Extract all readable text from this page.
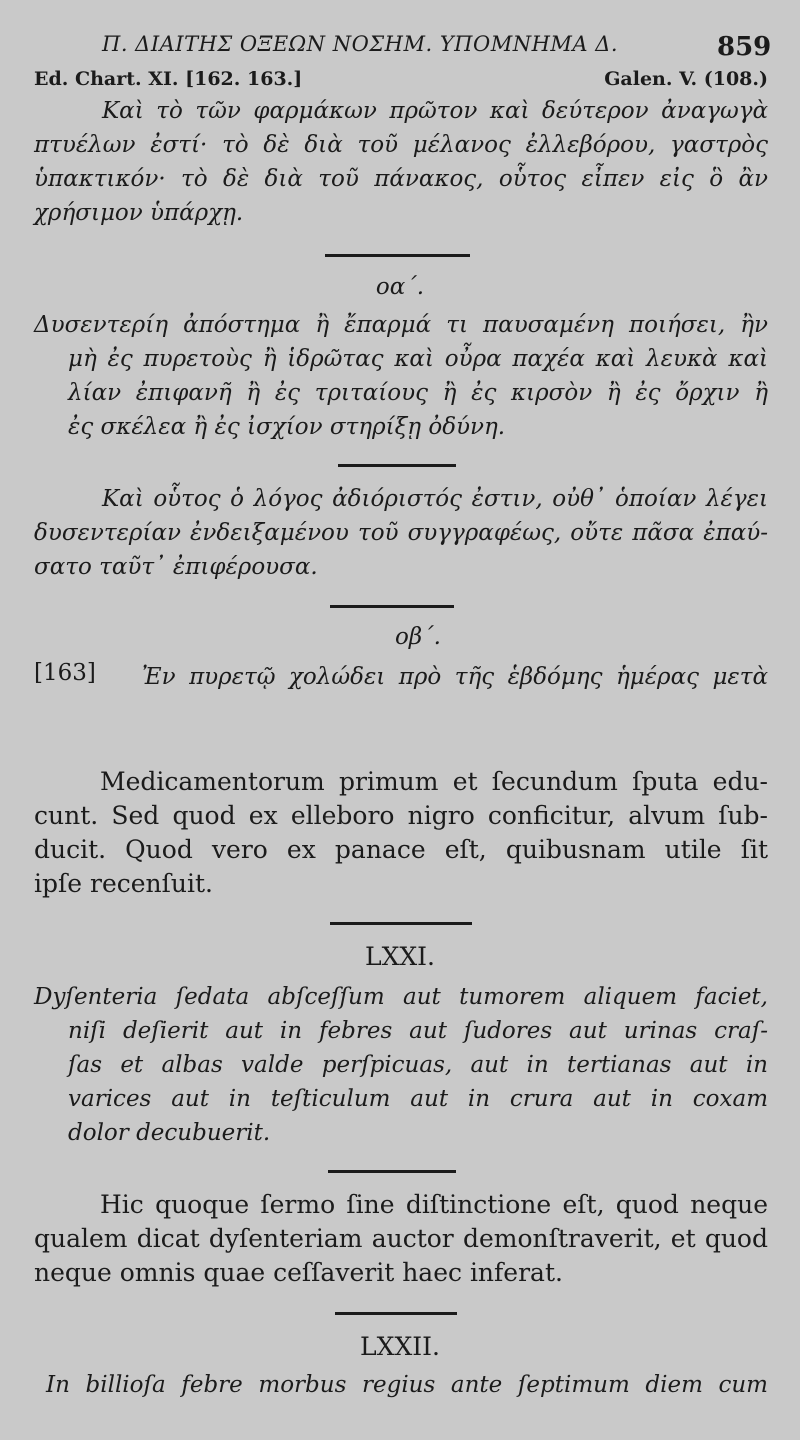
Π. ΔΙΑΙΤΗΣ ΟΞΕΩΝ ΝΟΣΗΜ. ΥΠΟΜΝΗΜΑ Δ.	859
Ed. Chart. XI. [162. 163.]	Galen. V. (108.)
Καὶ τὸ τῶν φαρμάκων πρῶτον καὶ δεύτερον ἀναγωγὰ
πτυέλων ἐστί· τὸ δὲ διὰ τοῦ μέλανος ἐλλεβόρου, γαστρὸς
ὑπακτικόν· τὸ δὲ διὰ τοῦ πάνακος, οὗτος εἶπεν εἰς ὃ ἂν
χρήσιμον ὑπάρχῃ.
οα΄.
Δυσεντερίη ἀπόστημα ἢ ἔπαρμά τι παυσαμένη ποιήσει, ἢν
μὴ ἐς πυρετοὺς ἢ ἱδρῶτας καὶ οὖρα παχέα καὶ λευκὰ καὶ
λίαν ἐπιφανῆ ἢ ἐς τριταίους ἢ ἐς κιρσὸν ἢ ἐς ὄρχιν ἢ
ἐς σκέλεα ἢ ἐς ἰσχίον στηρίξῃ ὀδύνη.
Καὶ οὗτος ὁ λόγος ἀδιόριστός ἐστιν, οὐθ᾽ ὁποίαν λέγει
δυσεντερίαν ἐνδειξαμένου τοῦ συγγραφέως, οὔτε πᾶσα ἐπαύ-
σατο ταῦτ᾽ ἐπιφέρουσα.
οβ΄.
[163] Ἐν πυρετῷ χολώδει πρὸ τῆς ἑβδόμης ἡμέρας μετὰ
Medicamentorum primum et ſecundum ſputa edu-
cunt. Sed quod ex elleboro nigro conficitur, alvum ſub-
ducit. Quod vero ex panace eſt, quibusnam utile ſit
ipſe recenſuit.
LXXI.
Dyſenteria ſedata abſceſſum aut tumorem aliquem faciet,
niſi deſierit aut in febres aut ſudores aut urinas craſ-
ſas et albas valde perſpicuas, aut in tertianas aut in
varices aut in teſticulum aut in crura aut in coxam
dolor decubuerit.
Hic quoque ſermo ſine diſtinctione eſt, quod neque
qualem dicat dyſenteriam auctor demonſtraverit, et quod
neque omnis quae ceſſaverit haec inferat.
LXXII.
In billioſa febre morbus regius ante ſeptimum diem cum
